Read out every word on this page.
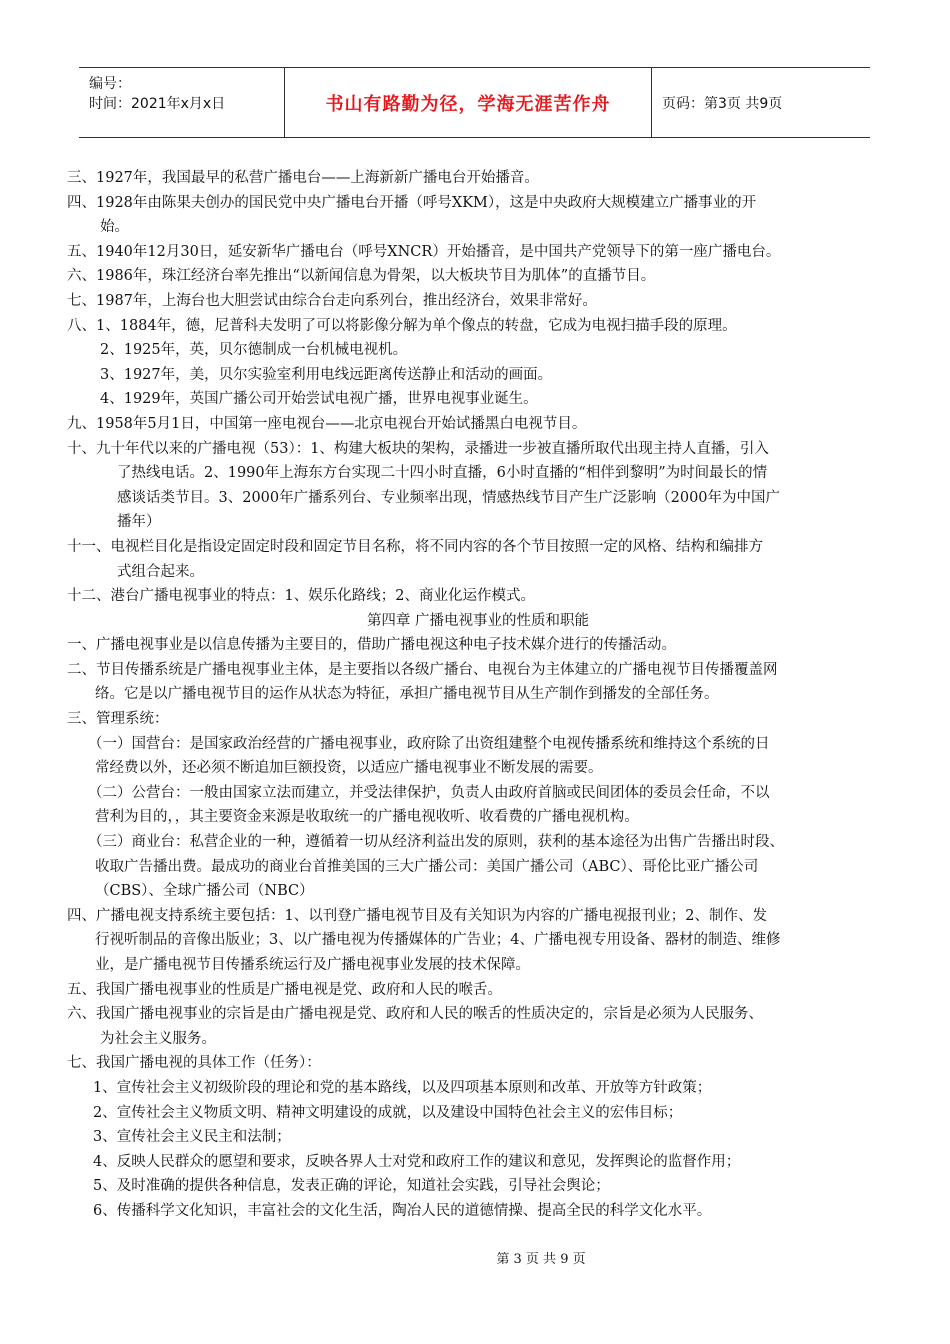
编号：
时间：2021年x月x日	书山有路勤为径，学海无涯苦作舟	页码：第3页 共9页

三、1927年，我国最早的私营广播电台——上海新新广播电台开始播音。

四、1928年由陈果夫创办的国民党中央广播电台开播（呼号XKM），这是中央政府大规模建立广播事业的开

始。

五、1940年12月30日，延安新华广播电台（呼号XNCR）开始播音，是中国共产党领导下的第一座广播电台。

六、1986年，珠江经济台率先推出“以新闻信息为骨架，以大板块节目为肌体”的直播节目。

七、1987年，上海台也大胆尝试由综合台走向系列台，推出经济台，效果非常好。

八、1、1884年，德，尼普科夫发明了可以将影像分解为单个像点的转盘，它成为电视扫描手段的原理。

2、1925年，英，贝尔德制成一台机械电视机。

3、1927年，美，贝尔实验室利用电线远距离传送静止和活动的画面。

4、1929年，英国广播公司开始尝试电视广播，世界电视事业诞生。

九、1958年5月1日，中国第一座电视台——北京电视台开始试播黑白电视节目。

十、九十年代以来的广播电视（53）：1、构建大板块的架构，录播进一步被直播所取代出现主持人直播，引入

了热线电话。2、1990年上海东方台实现二十四小时直播，6小时直播的“相伴到黎明”为时间最长的情

感谈话类节目。3、2000年广播系列台、专业频率出现，情感热线节目产生广泛影响（2000年为中国广

播年）

十一、电视栏目化是指设定固定时段和固定节目名称，将不同内容的各个节目按照一定的风格、结构和编排方

式组合起来。

十二、港台广播电视事业的特点：1、娱乐化路线；2、商业化运作模式。

第四章 广播电视事业的性质和职能

一、广播电视事业是以信息传播为主要目的，借助广播电视这种电子技术媒介进行的传播活动。

二、节目传播系统是广播电视事业主体，是主要指以各级广播台、电视台为主体建立的广播电视节目传播覆盖网

络。它是以广播电视节目的运作从状态为特征，承担广播电视节目从生产制作到播发的全部任务。

三、管理系统：

（一）国营台：是国家政治经营的广播电视事业，政府除了出资组建整个电视传播系统和维持这个系统的日

常经费以外，还必须不断追加巨额投资，以适应广播电视事业不断发展的需要。

（二）公营台：一般由国家立法而建立，并受法律保护，负责人由政府首脑或民间团体的委员会任命，不以

营利为目的，，其主要资金来源是收取统一的广播电视收听、收看费的广播电视机构。

（三）商业台：私营企业的一种，遵循着一切从经济利益出发的原则，获利的基本途径为出售广告播出时段、

收取广告播出费。最成功的商业台首推美国的三大广播公司：美国广播公司（ABC）、哥伦比亚广播公司

（CBS）、全球广播公司（NBC）

四、广播电视支持系统主要包括：1、以刊登广播电视节目及有关知识为内容的广播电视报刊业；2、制作、发

行视听制品的音像出版业；3、以广播电视为传播媒体的广告业；4、广播电视专用设备、器材的制造、维修

业，是广播电视节目传播系统运行及广播电视事业发展的技术保障。

五、我国广播电视事业的性质是广播电视是党、政府和人民的喉舌。

六、我国广播电视事业的宗旨是由广播电视是党、政府和人民的喉舌的性质决定的，宗旨是必须为人民服务、

为社会主义服务。

七、我国广播电视的具体工作（任务）：

1、宣传社会主义初级阶段的理论和党的基本路线，以及四项基本原则和改革、开放等方针政策；

2、宣传社会主义物质文明、精神文明建设的成就，以及建设中国特色社会主义的宏伟目标；

3、宣传社会主义民主和法制；

4、反映人民群众的愿望和要求，反映各界人士对党和政府工作的建议和意见，发挥舆论的监督作用；

5、及时准确的提供各种信息，发表正确的评论，知道社会实践，引导社会舆论；

6、传播科学文化知识，丰富社会的文化生活，陶冶人民的道德情操、提高全民的科学文化水平。

第 3 页 共 9 页
